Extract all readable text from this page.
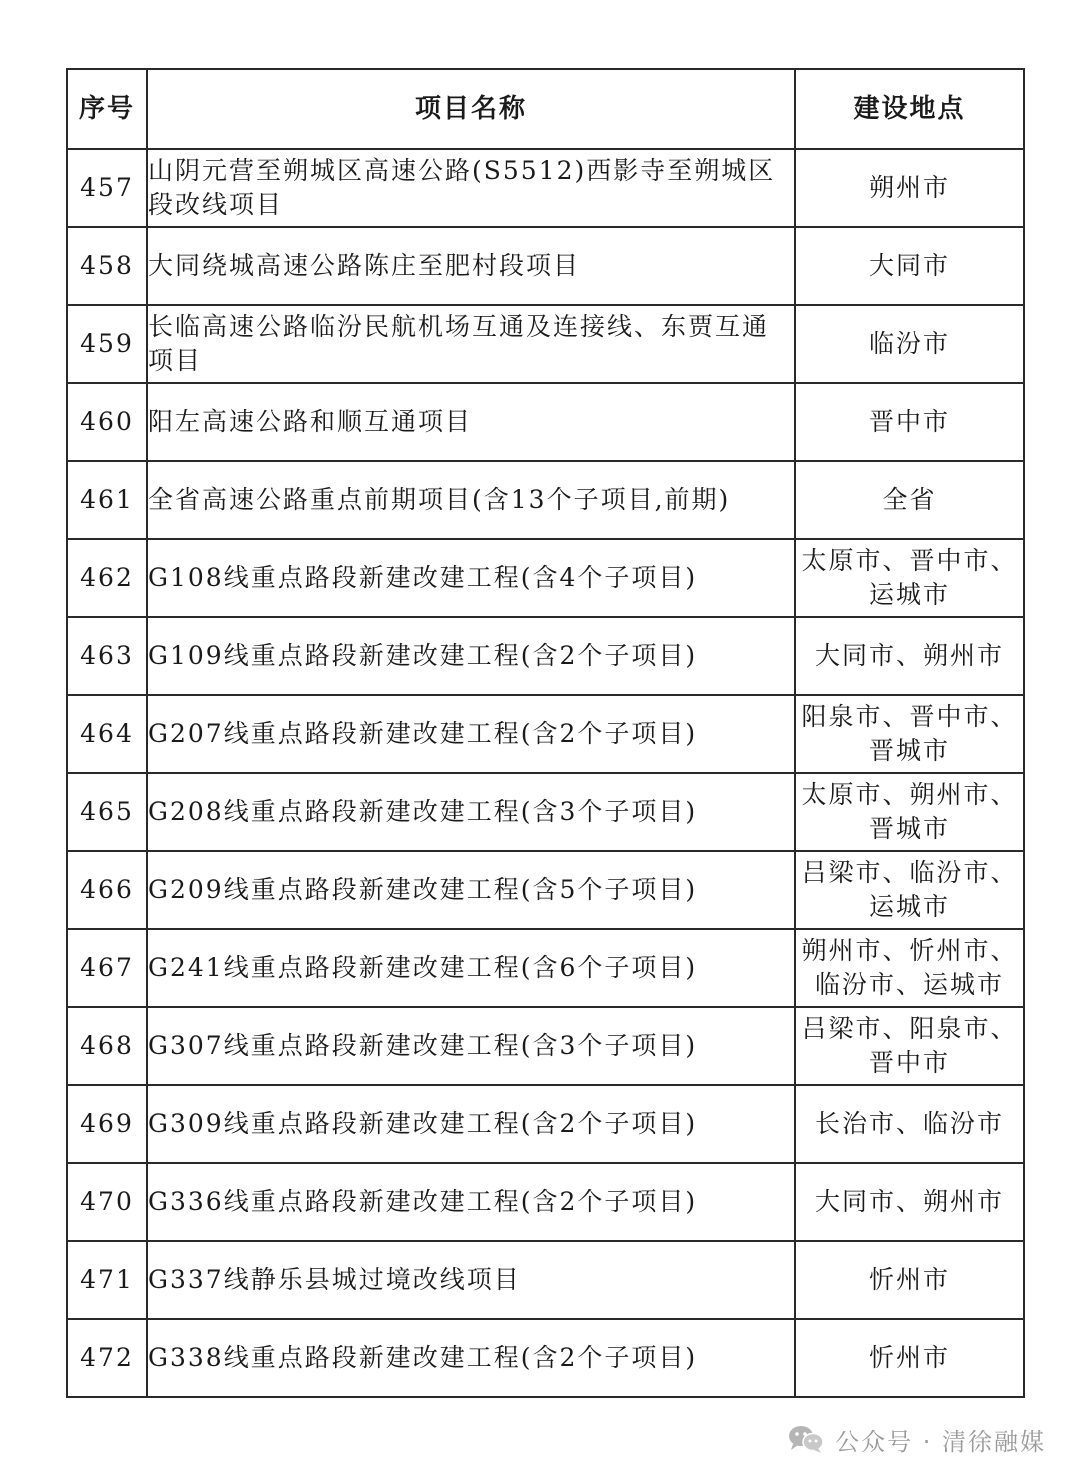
序号	项目名称	建设地点
457	山阴元营至朔城区高速公路(S5512)西影寺至朔城区段改线项目	朔州市
458	大同绕城高速公路陈庄至肥村段项目	大同市
459	长临高速公路临汾民航机场互通及连接线、东贾互通项目	临汾市
460	阳左高速公路和顺互通项目	晋中市
461	全省高速公路重点前期项目(含13个子项目,前期)	全省
462	G108线重点路段新建改建工程(含4个子项目)	太原市、晋中市、运城市
463	G109线重点路段新建改建工程(含2个子项目)	大同市、朔州市
464	G207线重点路段新建改建工程(含2个子项目)	阳泉市、晋中市、晋城市
465	G208线重点路段新建改建工程(含3个子项目)	太原市、朔州市、晋城市
466	G209线重点路段新建改建工程(含5个子项目)	吕梁市、临汾市、运城市
467	G241线重点路段新建改建工程(含6个子项目)	朔州市、忻州市、临汾市、运城市
468	G307线重点路段新建改建工程(含3个子项目)	吕梁市、阳泉市、晋中市
469	G309线重点路段新建改建工程(含2个子项目)	长治市、临汾市
470	G336线重点路段新建改建工程(含2个子项目)	大同市、朔州市
471	G337线静乐县城过境改线项目	忻州市
472	G338线重点路段新建改建工程(含2个子项目)	忻州市
公众号 · 清徐融媒
